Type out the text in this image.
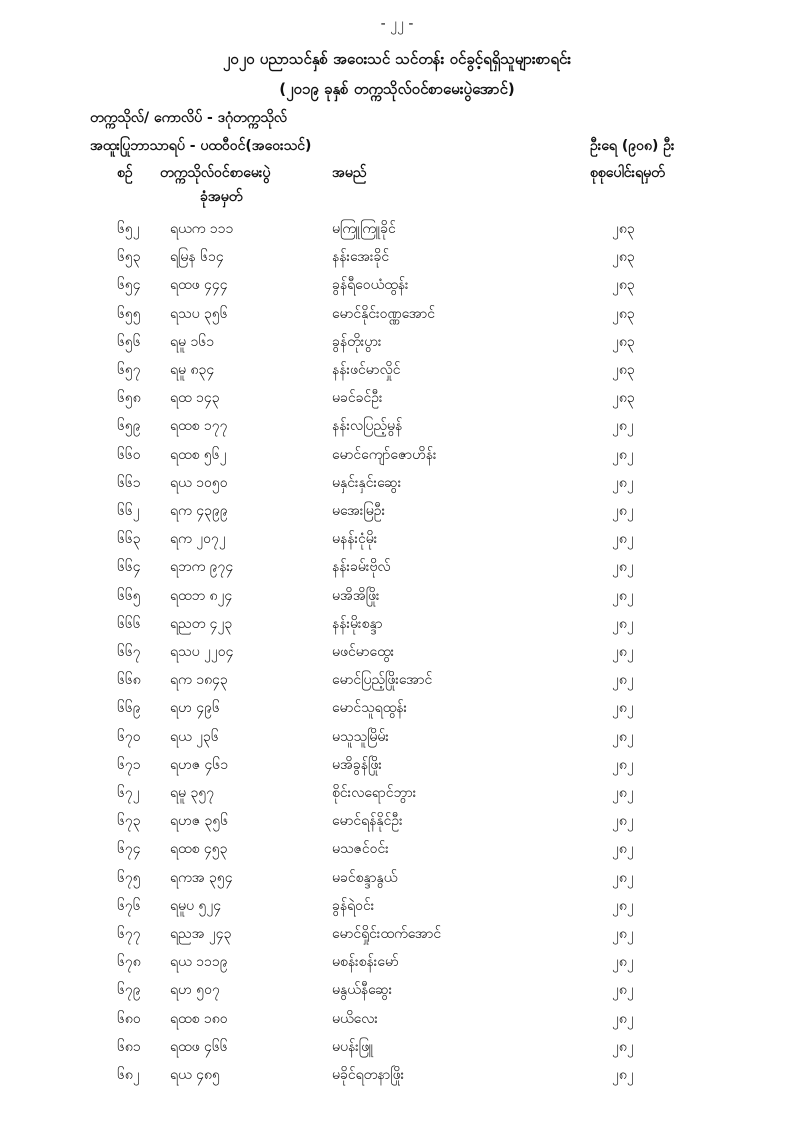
- ၂၂ -
၂၀၂၀ ပညာသင်နှစ် အဝေးသင် သင်တန်း ဝင်ခွင့်ရရှိသူများစာရင်း
(၂၀၁၉ ခုနှစ် တက္ကသိုလ်ဝင်စာမေးပွဲအောင်)
တက္ကသိုလ်/ ကောလိပ် - ဒဂုံတက္ကသိုလ်
အထူးပြုဘာသာရပ် - ပထဝီဝင်(အဝေးသင်)	ဦးရေ (၉၀၈) ဦး
စဉ် တက္ကသိုလ်ဝင်စာမေးပွဲ
ခုံအမှတ်
အမည်	စုစုပေါင်းရမှတ်
၆၅၂ ရယက ၁၁၁	မကြူကြူခိုင်	၂၈၃
၆၅၃ ရမြန ၆၁၄	နန်းအေးခိုင်	၂၈၃
၆၅၄ ရထဖ ၄၄၄	ခွန်ရီဝေယံထွန်း	၂၈၃
၆၅၅ ရသပ ၃၅၆	မောင်နိုင်းဝဏ္ဏအောင်	၂၈၃
၆၅၆ ရမူ ၁၆၁	ခွန်တိုးပွား	၂၈၃
၆၅၇ ရမူ ၈၃၄	နန်းဖင်မာလှိုင်	၂၈၃
၆၅၈ ရထ ၁၄၃	မခင်ခင်ဦး	၂၈၃
၆၅၉ ရထစ ၁၇၇	နန်းလပြည့်မွန်	၂၈၂
၆၆၀ ရထစ ၅၆၂	မောင်ကျော်ဇောဟိန်း	၂၈၂
၆၆၁ ရယ ၁၀၅၀	မနှင်းနှင်းဆွေး	၂၈၂
၆၆၂ ရက ၄၃၉၉	မအေးမြဦး	၂၈၂
၆၆၃ ရက ၂၀၇၂	မနန်းငုံမိုး	၂၈၂
၆၆၄ ရဘက ၉၇၄	နန်းခမ်းဗိုလ်	၂၈၂
၆၆၅ ရထဘ ၈၂၄	မအိအိဖြိုး	၂၈၂
၆၆၆ ရညတ ၄၂၃	နန်းမိုးစန္ဒာ	၂၈၂
၆၆၇ ရသပ ၂၂၀၄	မဖင်မာထွေး	၂၈၂
၆၆၈ ရက ၁၈၄၃	မောင်ပြည့်ဖြိုးအောင်	၂၈၂
၆၆၉ ရဟ ၄၉၆	မောင်သူရထွန်း	၂၈၂
၆၇၀ ရယ ၂၃၆	မသူသူမြိမ်း	၂၈၂
၆၇၁ ရဟဇ ၄၆၁	မအိခွန်ဖြိုး	၂၈၂
၆၇၂ ရမူ ၃၅၇	စိုင်းလရောင်ဘွား	၂၈၂
၆၇၃ ရဟဇ ၃၅၆	မောင်ရန်နိုင်ဦး	၂၈၂
၆၇၄ ရထစ ၄၅၃	မသဇင်ဝင်း	၂၈၂
၆၇၅ ရကအ ၃၅၄	မခင်စန္ဒာနွယ်	၂၈၂
၆၇၆ ရမူပ ၅၂၄	ခွန်ရဲဝင်း	၂၈၂
၆၇၇ ရညအ ၂၄၃	မောင်ရှိုင်းထက်အောင်	၂၈၂
၆၇၈ ရယ ၁၁၁၉	မစန်းစန်းမော်	၂၈၂
၆၇၉ ရဟ ၅၀၇	မနွယ်နီဆွေး	၂၈၂
၆၈၀ ရထစ ၁၈၀	မယိလေး	၂၈၂
၆၈၁ ရထဖ ၄၆၆	မပန်းဖြူ	၂၈၂
၆၈၂ ရယ ၄၈၅	မခိုင်ရတနာဖြိုး	၂၈၂
